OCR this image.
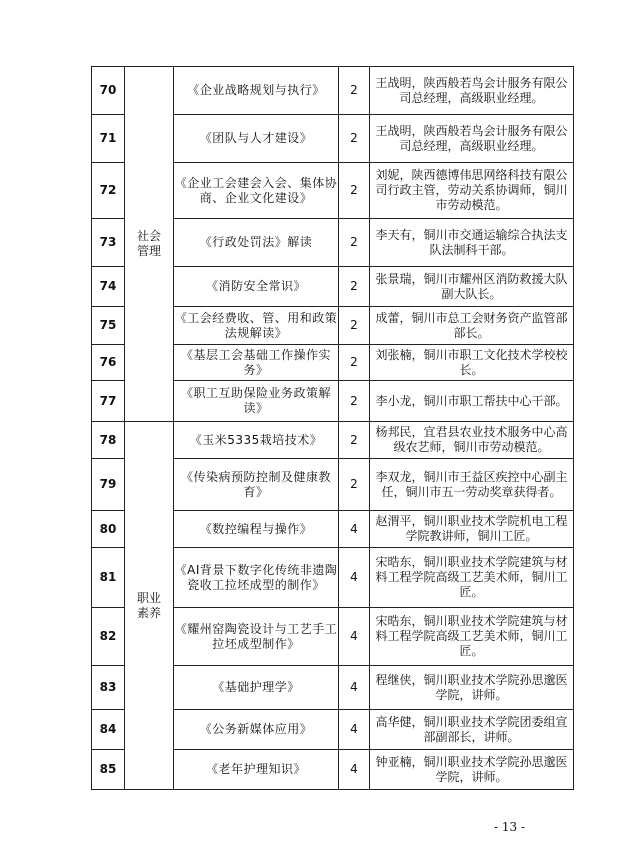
70	社会管理	《企业战略规划与执行》	2	王战明，陕西般若鸟会计服务有限公司总经理，高级职业经理。
71		《团队与人才建设》	2	王战明，陕西般若鸟会计服务有限公司总经理，高级职业经理。
72		《企业工会建会入会、集体协商、企业文化建设》	2	刘妮，陕西德博伟思网络科技有限公司行政主管，劳动关系协调师，铜川市劳动模范。
73		《行政处罚法》解读	2	李天有，铜川市交通运输综合执法支队法制科干部。
74		《消防安全常识》	2	张景瑞，铜川市耀州区消防救援大队副大队长。
75		《工会经费收、管、用和政策法规解读》	2	成蕾，铜川市总工会财务资产监管部部长。
76		《基层工会基础工作操作实务》	2	刘张楠，铜川市职工文化技术学校校长。
77		《职工互助保险业务政策解读》	2	李小龙，铜川市职工帮扶中心干部。
78	职业素养	《玉米5335栽培技术》	2	杨邦民，宜君县农业技术服务中心高级农艺师，铜川市劳动模范。
79		《传染病预防控制及健康教育》	2	李双龙，铜川市王益区疾控中心副主任，铜川市五一劳动奖章获得者。
80		《数控编程与操作》	4	赵渭平，铜川职业技术学院机电工程学院教讲师，铜川工匠。
81		《AI背景下数字化传统非遗陶瓷收工拉坯成型的制作》	4	宋晧东，铜川职业技术学院建筑与材料工程学院高级工艺美术师，铜川工匠。
82		《耀州窑陶瓷设计与工艺手工拉坯成型制作》	4	宋晧东，铜川职业技术学院建筑与材料工程学院高级工艺美术师，铜川工匠。
83		《基础护理学》	4	程继侠，铜川职业技术学院孙思邈医学院，讲师。
84		《公务新媒体应用》	4	高华健，铜川职业技术学院团委组宣部副部长，讲师。
85		《老年护理知识》	4	钟亚楠，铜川职业技术学院孙思邈医学院，讲师。
- 13 -
